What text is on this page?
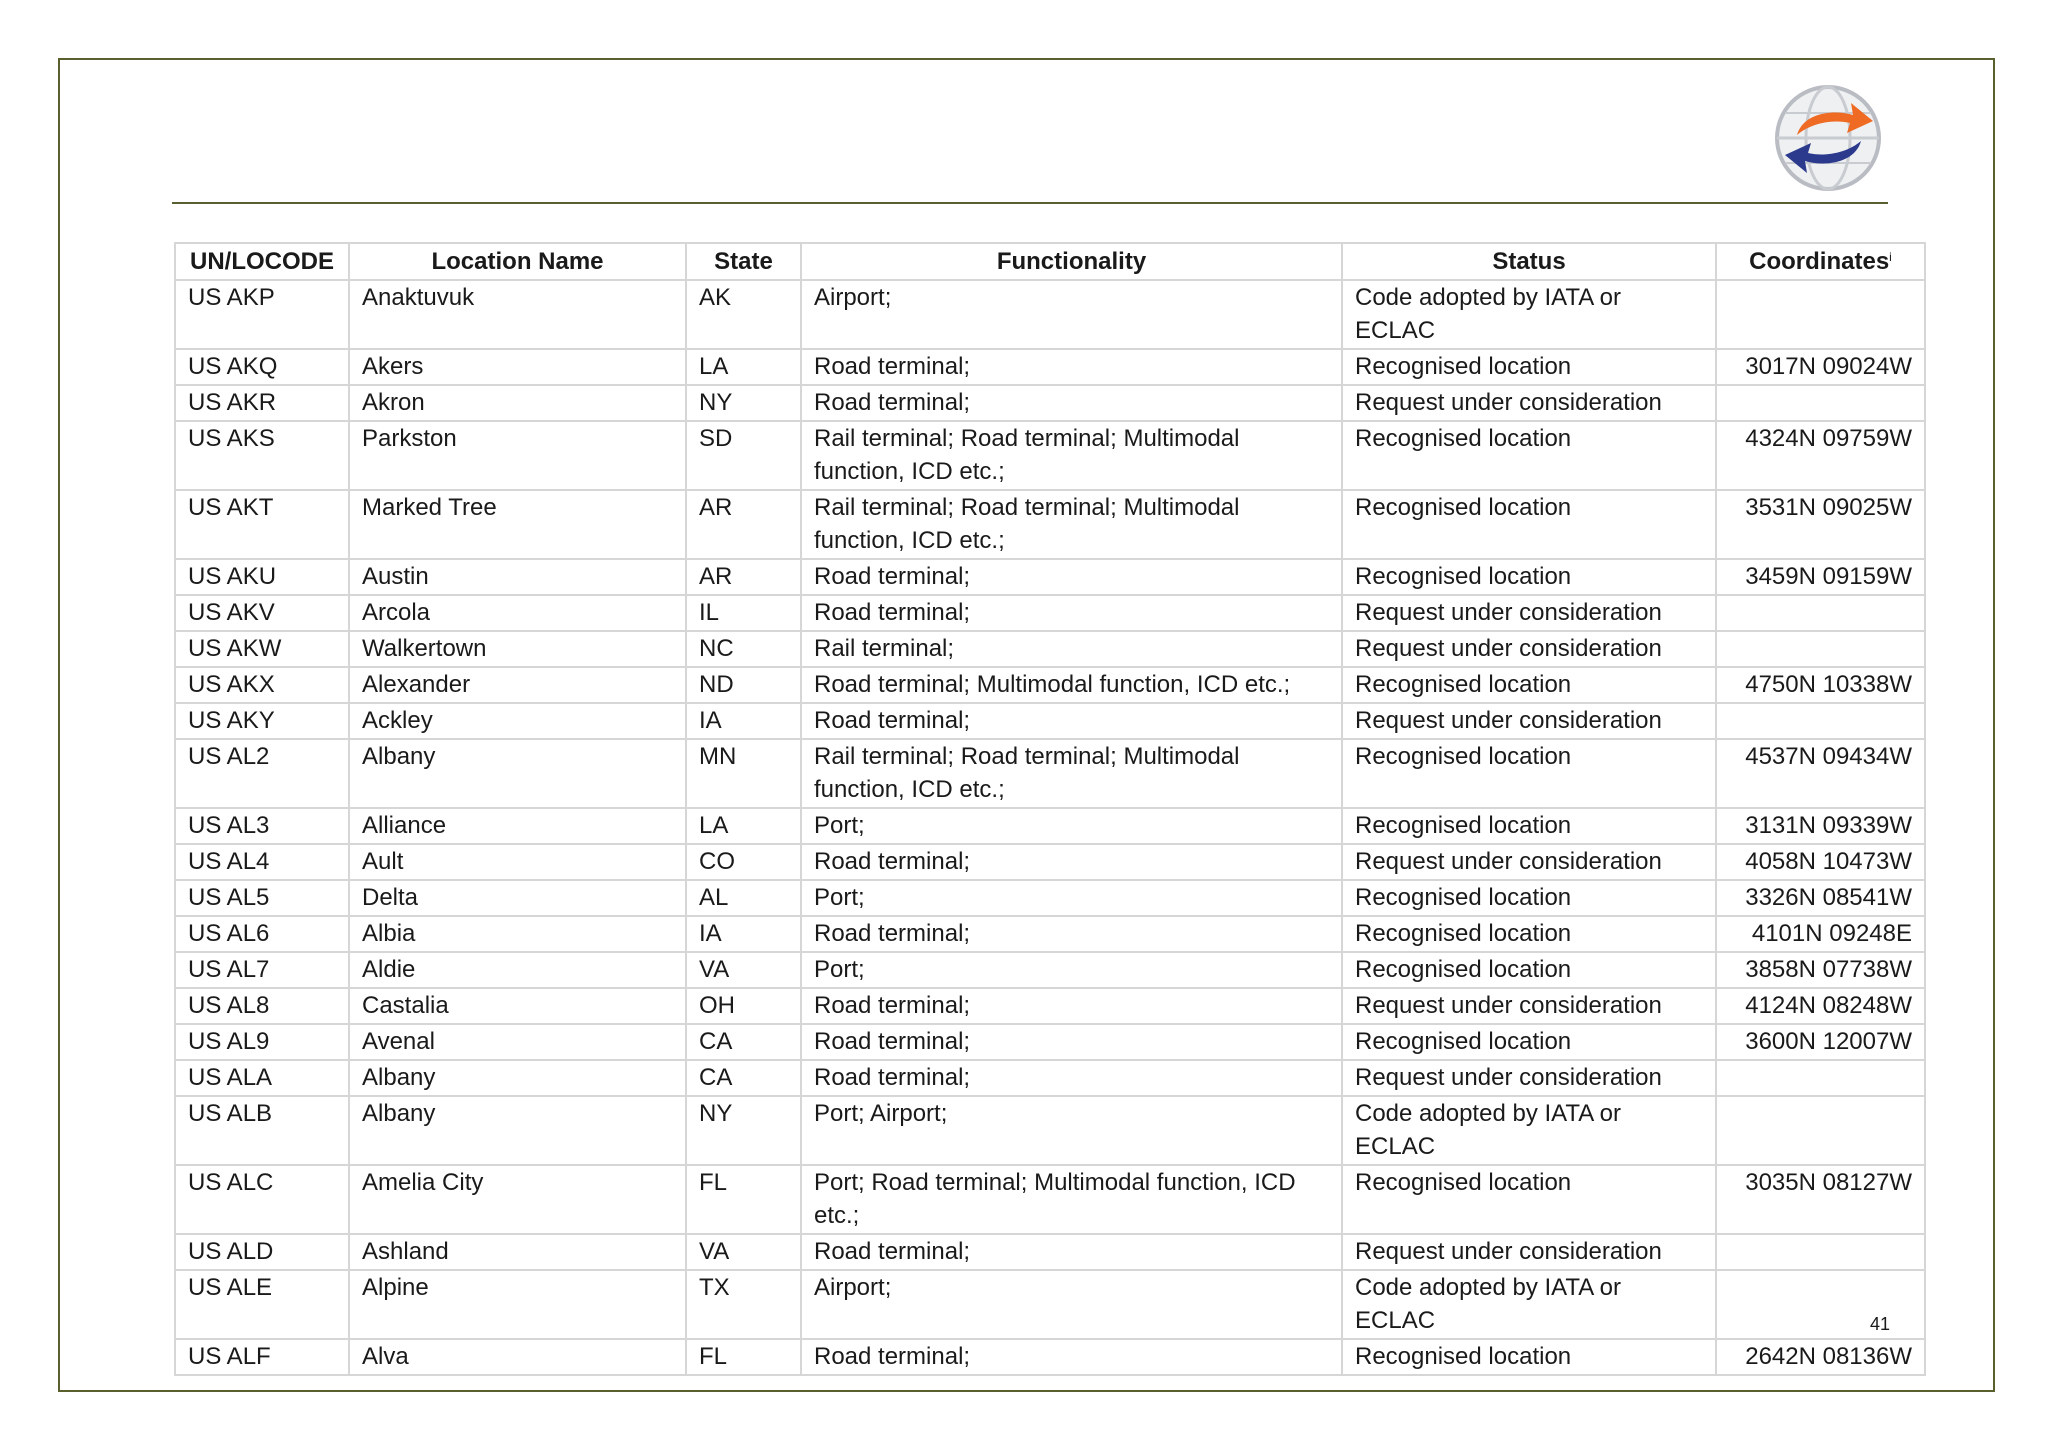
UN/LOCODE	Location Name	State	Functionality	Status	Coordinates$^i$
US AKP	Anaktuvuk	AK	Airport;	Code adopted by IATA or ECLAC	
US AKQ	Akers	LA	Road terminal;	Recognised location	3017N 09024W
US AKR	Akron	NY	Road terminal;	Request under consideration	
US AKS	Parkston	SD	Rail terminal; Road terminal; Multimodal function, ICD etc.;	Recognised location	4324N 09759W
US AKT	Marked Tree	AR	Rail terminal; Road terminal; Multimodal function, ICD etc.;	Recognised location	3531N 09025W
US AKU	Austin	AR	Road terminal;	Recognised location	3459N 09159W
US AKV	Arcola	IL	Road terminal;	Request under consideration	
US AKW	Walkertown	NC	Rail terminal;	Request under consideration	
US AKX	Alexander	ND	Road terminal; Multimodal function, ICD etc.;	Recognised location	4750N 10338W
US AKY	Ackley	IA	Road terminal;	Request under consideration	
US AL2	Albany	MN	Rail terminal; Road terminal; Multimodal function, ICD etc.;	Recognised location	4537N 09434W
US AL3	Alliance	LA	Port;	Recognised location	3131N 09339W
US AL4	Ault	CO	Road terminal;	Request under consideration	4058N 10473W
US AL5	Delta	AL	Port;	Recognised location	3326N 08541W
US AL6	Albia	IA	Road terminal;	Recognised location	4101N 09248E
US AL7	Aldie	VA	Port;	Recognised location	3858N 07738W
US AL8	Castalia	OH	Road terminal;	Request under consideration	4124N 08248W
US AL9	Avenal	CA	Road terminal;	Recognised location	3600N 12007W
US ALA	Albany	CA	Road terminal;	Request under consideration	
US ALB	Albany	NY	Port; Airport;	Code adopted by IATA or ECLAC	
US ALC	Amelia City	FL	Port; Road terminal; Multimodal function, ICD etc.;	Recognised location	3035N 08127W
US ALD	Ashland	VA	Road terminal;	Request under consideration	
US ALE	Alpine	TX	Airport;	Code adopted by IATA or ECLAC	
US ALF	Alva	FL	Road terminal;	Recognised location	2642N 08136W
41
